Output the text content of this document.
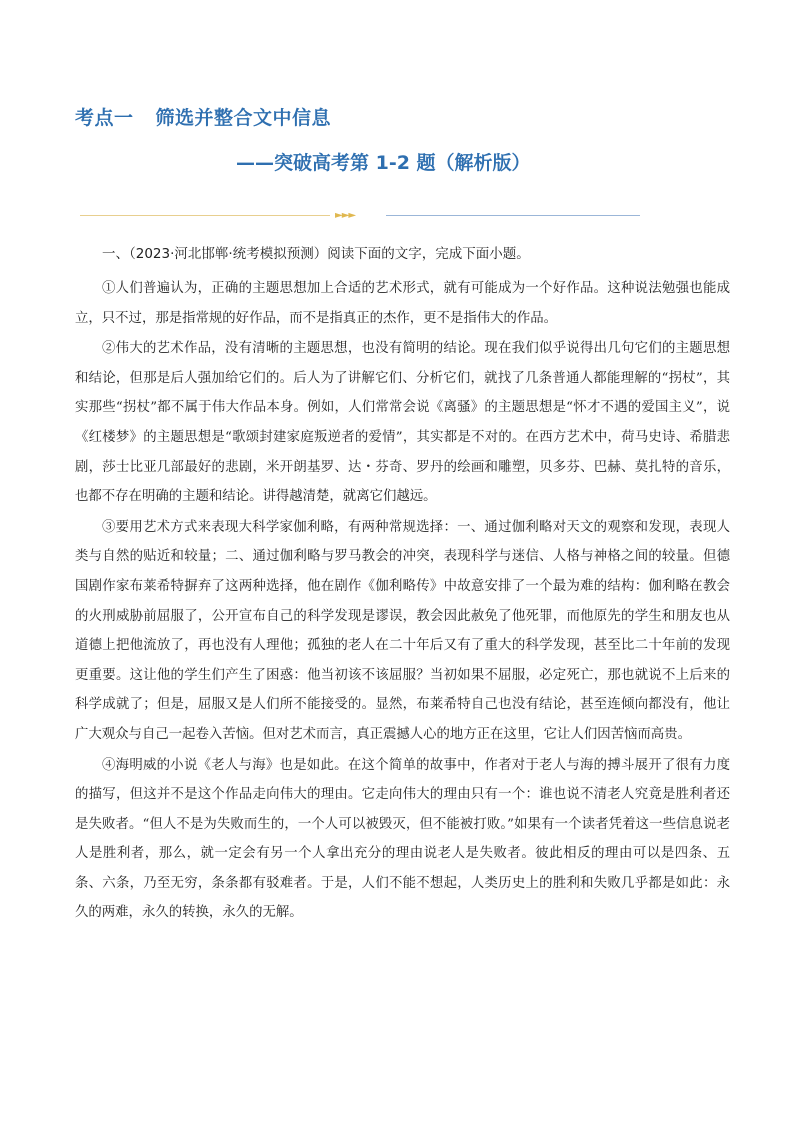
考点一 筛选并整合文中信息
——突破高考第 1-2 题（解析版）
►►►
一、（2023·河北邯郸·统考模拟预测）阅读下面的文字，完成下面小题。

①人们普遍认为，正确的主题思想加上合适的艺术形式，就有可能成为一个好作品。这种说法勉强也能成立，只不过，那是指常规的好作品，而不是指真正的杰作，更不是指伟大的作品。

②伟大的艺术作品，没有清晰的主题思想，也没有简明的结论。现在我们似乎说得出几句它们的主题思想和结论，但那是后人强加给它们的。后人为了讲解它们、分析它们，就找了几条普通人都能理解的“拐杖”，其实那些“拐杖”都不属于伟大作品本身。例如，人们常常会说《离骚》的主题思想是“怀才不遇的爱国主义”，说《红楼梦》的主题思想是“歌颂封建家庭叛逆者的爱情”，其实都是不对的。在西方艺术中，荷马史诗、希腊悲剧，莎士比亚几部最好的悲剧，米开朗基罗、达・芬奇、罗丹的绘画和雕塑，贝多芬、巴赫、莫扎特的音乐，也都不存在明确的主题和结论。讲得越清楚，就离它们越远。

③要用艺术方式来表现大科学家伽利略，有两种常规选择：一、通过伽利略对天文的观察和发现，表现人类与自然的贴近和较量；二、通过伽利略与罗马教会的冲突，表现科学与迷信、人格与神格之间的较量。但德国剧作家布莱希特摒弃了这两种选择，他在剧作《伽利略传》中故意安排了一个最为难的结构：伽利略在教会的火刑威胁前屈服了，公开宣布自己的科学发现是谬误，教会因此赦免了他死罪，而他原先的学生和朋友也从道德上把他流放了，再也没有人理他；孤独的老人在二十年后又有了重大的科学发现，甚至比二十年前的发现更重要。这让他的学生们产生了困惑：他当初该不该屈服？当初如果不屈服，必定死亡，那也就说不上后来的科学成就了；但是，屈服又是人们所不能接受的。显然，布莱希特自己也没有结论，甚至连倾向都没有，他让广大观众与自己一起卷入苦恼。但对艺术而言，真正震撼人心的地方正在这里，它让人们因苦恼而高贵。

④海明威的小说《老人与海》也是如此。在这个简单的故事中，作者对于老人与海的搏斗展开了很有力度的描写，但这并不是这个作品走向伟大的理由。它走向伟大的理由只有一个：谁也说不清老人究竟是胜利者还是失败者。“但人不是为失败而生的，一个人可以被毁灭，但不能被打败。”如果有一个读者凭着这一些信息说老人是胜利者，那么，就一定会有另一个人拿出充分的理由说老人是失败者。彼此相反的理由可以是四条、五条、六条，乃至无穷，条条都有驳难者。于是，人们不能不想起，人类历史上的胜利和失败几乎都是如此：永久的两难，永久的转换，永久的无解。
